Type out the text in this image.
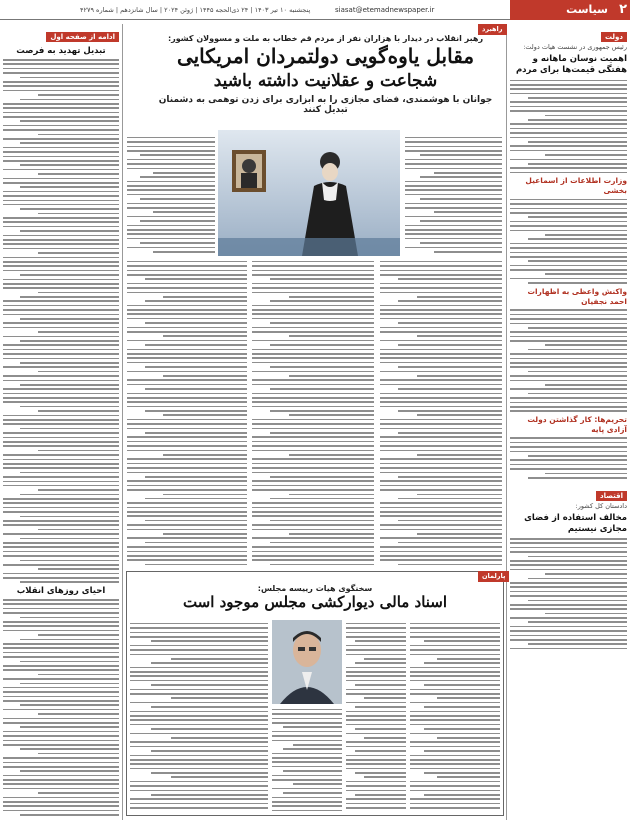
سیاست ۲
siasat@etemadnewspaper.ir
پنجشنبه ۱۰ تیر ۱۴۰۳ | ۲۴ ذی‌الحجه ۱۴۴۵ | ژوئن ۲۰۲۴ | سال شانزدهم | شماره ۴۲۷۹
دولت
رئیس جمهوری در نشست هیات دولت:
اهمیت نوسان ماهانه و هفتگی قیمت‌ها برای مردم
وزارت اطلاعات از اسماعیل بخشی
واکنش واعظی به اظهارات احمد نجفیان
تحریم‌ها: کار گذاشتن دولت آزادی پایه
اقتصاد
دادستان کل کشور:
مخالف استفاده از فضای مجازی نیستیم
ادامه از صفحه اول
تبدیل تهدید به فرصت
احیای روزهای انقلاب
راهبرد
رهبر انقلاب در دیدار با هزاران نفر از مردم قم خطاب به ملت و مسوولان کشور:
مقابل یاوه‌گویی دولتمردان امریکایی
شجاعت و عقلانیت داشته باشید
جوانان با هوشمندی، فضای مجازی را به ابزاری برای زدن توهمی به دشمنان تبدیل کنند
پارلمان
سخنگوی هیات رییسه مجلس:
اسناد مالی دیوارکشی مجلس موجود است
